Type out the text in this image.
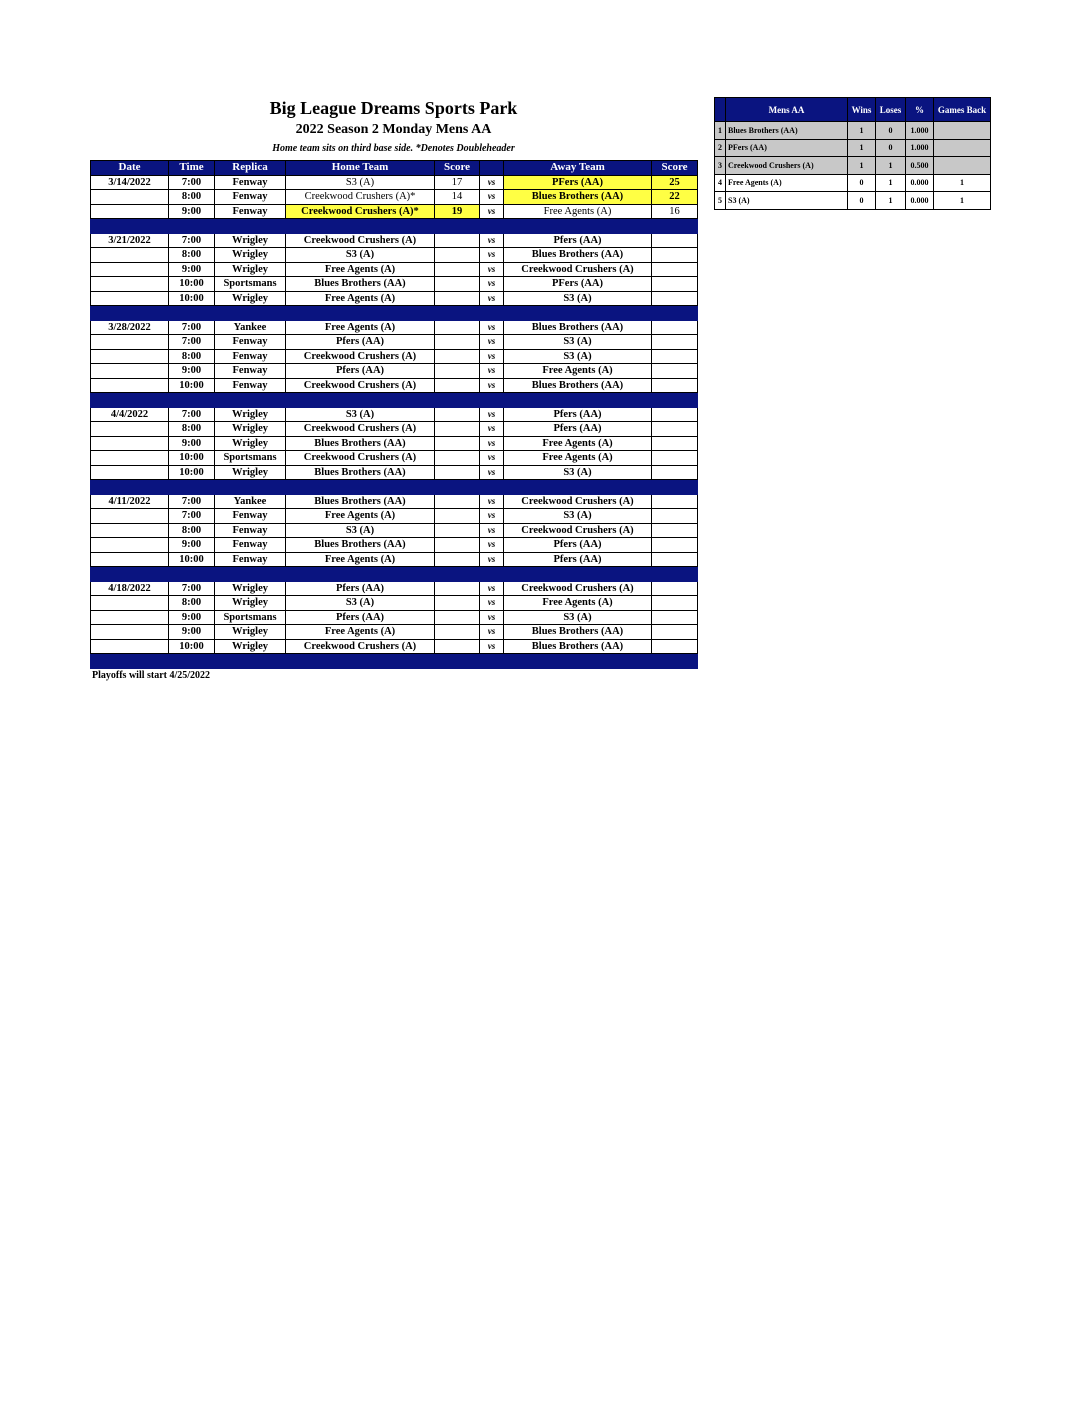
Big League Dreams Sports Park
2022 Season 2 Monday Mens AA
Home team sits on third base side. *Denotes Doubleheader
Date	Time	Replica	Home Team	Score		Away Team	Score
3/14/2022	7:00	Fenway	S3 (A)	17	vs	PFers (AA)	25
	8:00	Fenway	Creekwood Crushers (A)*	14	vs	Blues Brothers (AA)	22
	9:00	Fenway	Creekwood Crushers (A)*	19	vs	Free Agents (A)	16

3/21/2022	7:00	Wrigley	Creekwood Crushers (A)		vs	Pfers (AA)	
	8:00	Wrigley	S3 (A)		vs	Blues Brothers (AA)	
	9:00	Wrigley	Free Agents (A)		vs	Creekwood Crushers (A)	
	10:00	Sportsmans	Blues Brothers (AA)		vs	PFers (AA)	
	10:00	Wrigley	Free Agents (A)		vs	S3 (A)	

3/28/2022	7:00	Yankee	Free Agents (A)		vs	Blues Brothers (AA)	
	7:00	Fenway	Pfers (AA)		vs	S3 (A)	
	8:00	Fenway	Creekwood Crushers (A)		vs	S3 (A)	
	9:00	Fenway	Pfers (AA)		vs	Free Agents (A)	
	10:00	Fenway	Creekwood Crushers (A)		vs	Blues Brothers (AA)	

4/4/2022	7:00	Wrigley	S3 (A)		vs	Pfers (AA)	
	8:00	Wrigley	Creekwood Crushers (A)		vs	Pfers (AA)	
	9:00	Wrigley	Blues Brothers (AA)		vs	Free Agents (A)	
	10:00	Sportsmans	Creekwood Crushers (A)		vs	Free Agents (A)	
	10:00	Wrigley	Blues Brothers (AA)		vs	S3 (A)	

4/11/2022	7:00	Yankee	Blues Brothers (AA)		vs	Creekwood Crushers (A)	
	7:00	Fenway	Free Agents (A)		vs	S3 (A)	
	8:00	Fenway	S3 (A)		vs	Creekwood Crushers (A)	
	9:00	Fenway	Blues Brothers (AA)		vs	Pfers (AA)	
	10:00	Fenway	Free Agents (A)		vs	Pfers (AA)	

4/18/2022	7:00	Wrigley	Pfers (AA)		vs	Creekwood Crushers (A)	
	8:00	Wrigley	S3 (A)		vs	Free Agents (A)	
	9:00	Sportsmans	Pfers (AA)		vs	S3 (A)	
	9:00	Wrigley	Free Agents (A)		vs	Blues Brothers (AA)	
	10:00	Wrigley	Creekwood Crushers (A)		vs	Blues Brothers (AA)	

	Mens AA	Wins	Loses	%	Games Back
1	Blues Brothers (AA)	1	0	1.000	
2	PFers (AA)	1	0	1.000	
3	Creekwood Crushers (A)	1	1	0.500	
4	Free Agents (A)	0	1	0.000	1
5	S3 (A)	0	1	0.000	1
Playoffs will start 4/25/2022
